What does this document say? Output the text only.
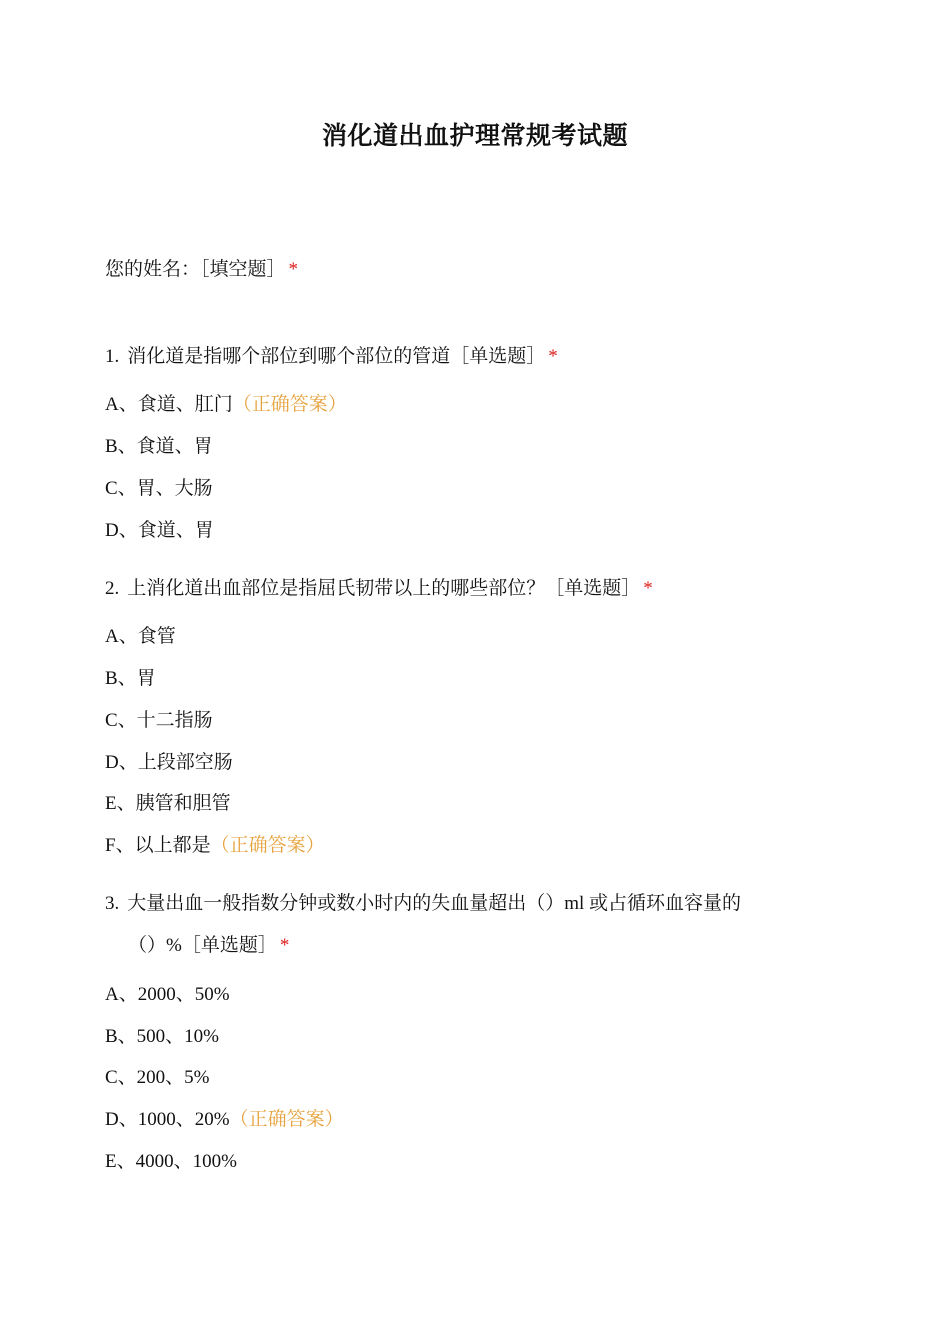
消化道出血护理常规考试题
您的姓名：［填空题］ *
1. 消化道是指哪个部位到哪个部位的管道［单选题］ *
A、食道、肛门（正确答案）
B、食道、胃
C、胃、大肠
D、食道、胃
2. 上消化道出血部位是指屈氏韧带以上的哪些部位？［单选题］ *
A、食管
B、胃
C、十二指肠
D、上段部空肠
E、胰管和胆管
F、以上都是（正确答案）
3. 大量出血一般指数分钟或数小时内的失血量超出（）ml 或占循环血容量的
（）%［单选题］ *
A、2000、50%
B、500、10%
C、200、5%
D、1000、20%（正确答案）
E、4000、100%
